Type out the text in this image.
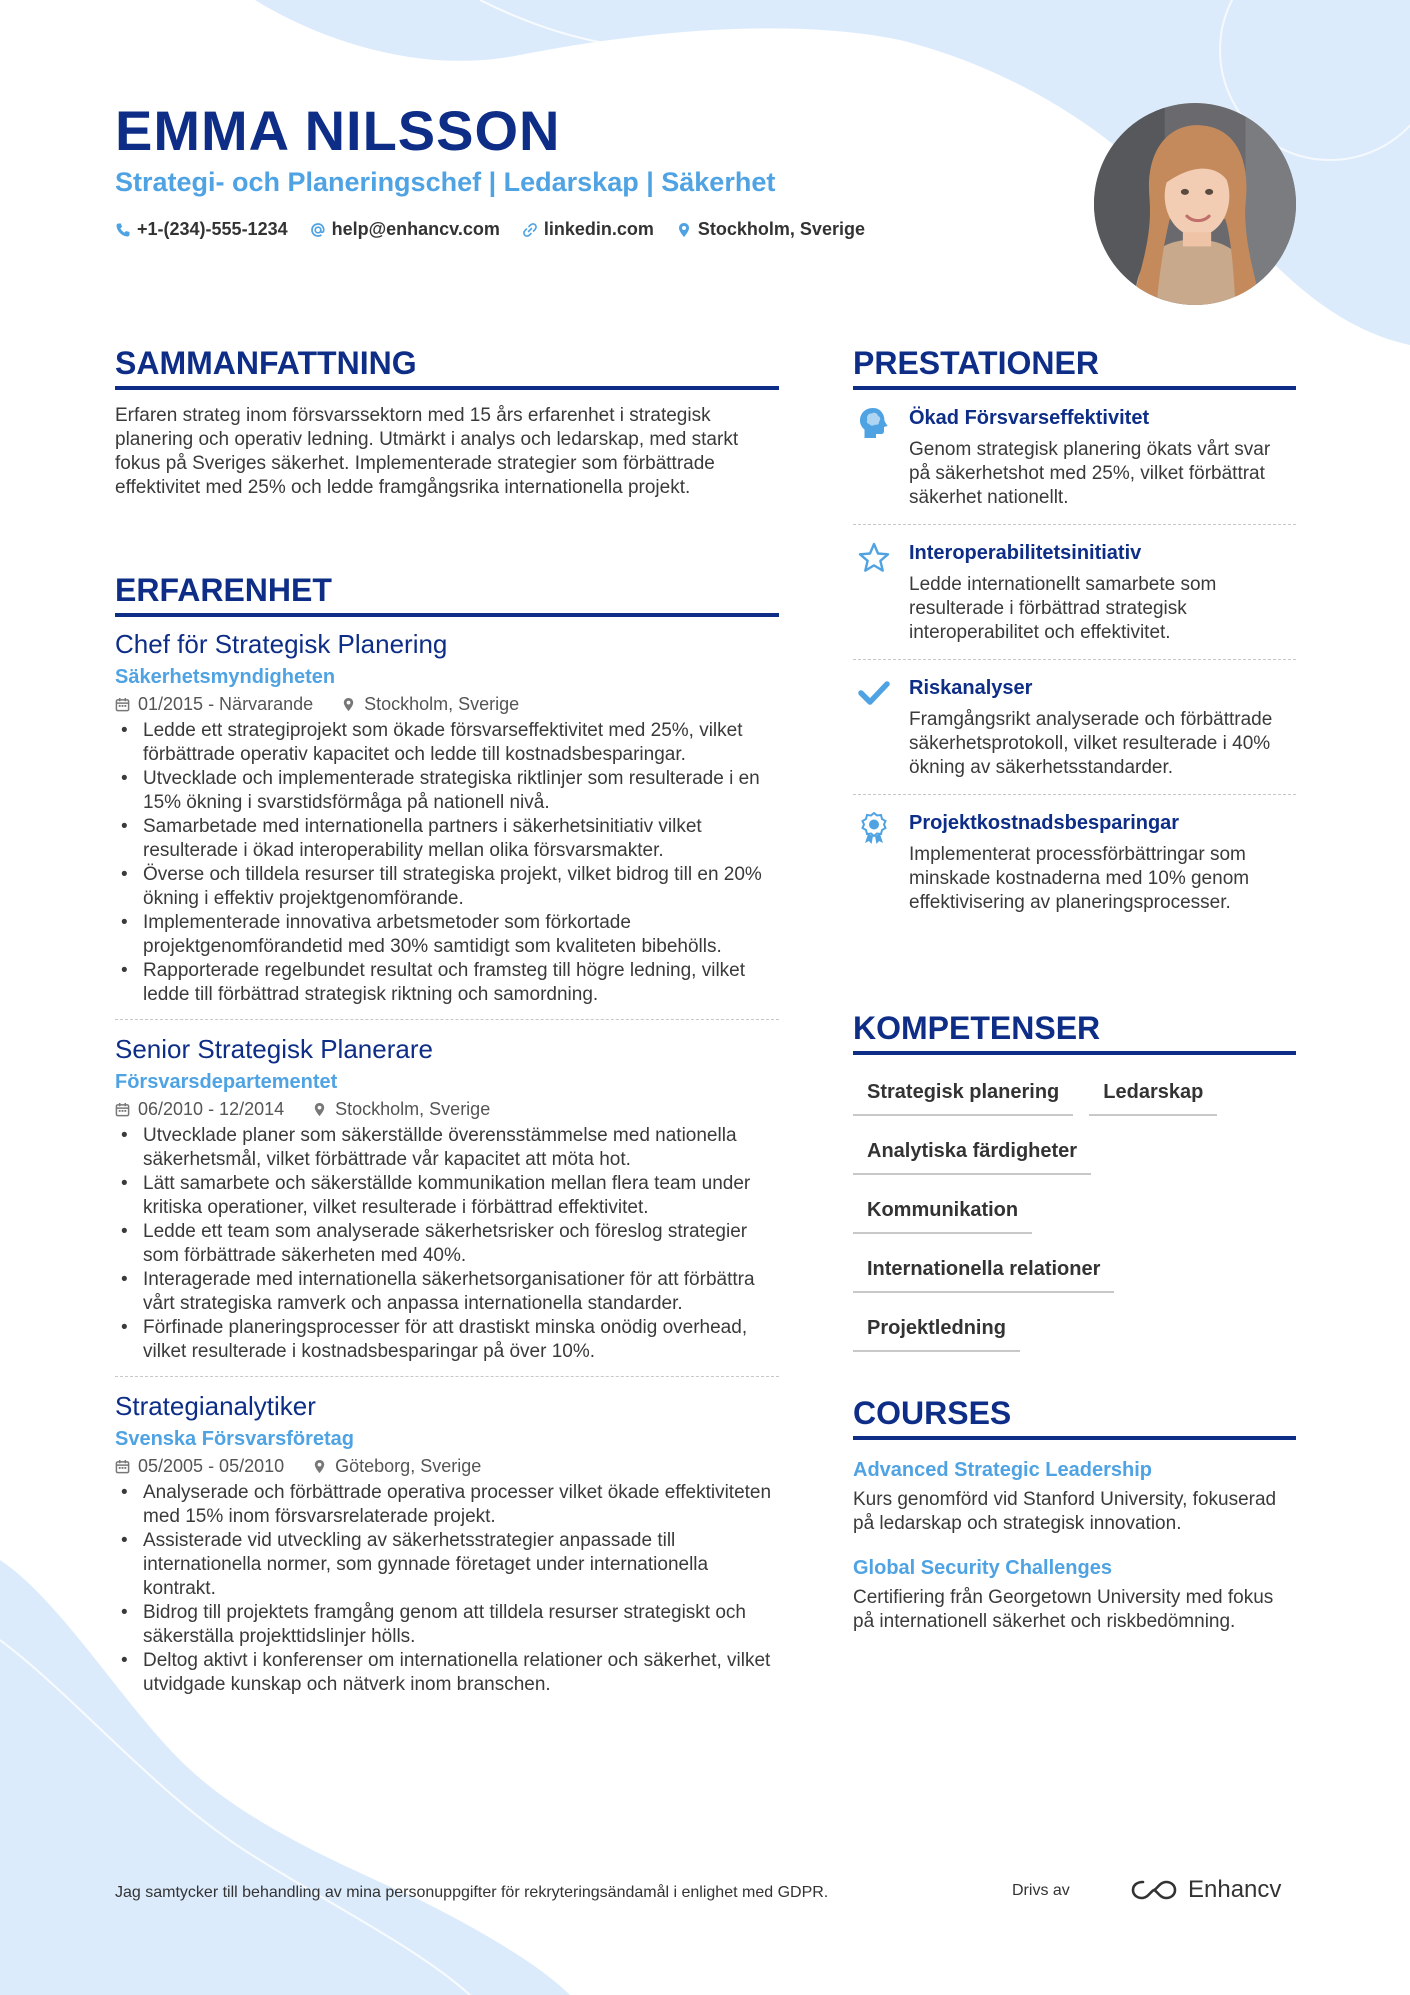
EMMA NILSSON
Strategi- och Planeringschef | Ledarskap | Säkerhet
+1-(234)-555-1234 help@enhancv.com linkedin.com Stockholm, Sverige
SAMMANFATTNING

Erfaren strateg inom försvarssektorn med 15 års erfarenhet i strategisk planering och operativ ledning. Utmärkt i analys och ledarskap, med starkt fokus på Sveriges säkerhet. Implementerade strategier som förbättrade effektivitet med 25% och ledde framgångsrika internationella projekt.

ERFARENHET
Chef för Strategisk Planering
Säkerhetsmyndigheten
01/2015 - Närvarande	Stockholm, Sverige
• Ledde ett strategiprojekt som ökade försvarseffektivitet med 25%, vilket förbättrade operativ kapacitet och ledde till kostnadsbesparingar.
• Utvecklade och implementerade strategiska riktlinjer som resulterade i en 15% ökning i svarstidsförmåga på nationell nivå.
• Samarbetade med internationella partners i säkerhetsinitiativ vilket resulterade i ökad interoperability mellan olika försvarsmakter.
• Överse och tilldela resurser till strategiska projekt, vilket bidrog till en 20% ökning i effektiv projektgenomförande.
• Implementerade innovativa arbetsmetoder som förkortade projektgenomförandetid med 30% samtidigt som kvaliteten bibehölls.
• Rapporterade regelbundet resultat och framsteg till högre ledning, vilket ledde till förbättrad strategisk riktning och samordning.
Senior Strategisk Planerare
Försvarsdepartementet
06/2010 - 12/2014	Stockholm, Sverige
• Utvecklade planer som säkerställde överensstämmelse med nationella säkerhetsmål, vilket förbättrade vår kapacitet att möta hot.
• Lätt samarbete och säkerställde kommunikation mellan flera team under kritiska operationer, vilket resulterade i förbättrad effektivitet.
• Ledde ett team som analyserade säkerhetsrisker och föreslog strategier som förbättrade säkerheten med 40%.
• Interagerade med internationella säkerhetsorganisationer för att förbättra vårt strategiska ramverk och anpassa internationella standarder.
• Förfinade planeringsprocesser för att drastiskt minska onödig overhead, vilket resulterade i kostnadsbesparingar på över 10%.
Strategianalytiker
Svenska Försvarsföretag
05/2005 - 05/2010	Göteborg, Sverige
• Analyserade och förbättrade operativa processer vilket ökade effektiviteten med 15% inom försvarsrelaterade projekt.
• Assisterade vid utveckling av säkerhetsstrategier anpassade till internationella normer, som gynnade företaget under internationella kontrakt.
• Bidrog till projektets framgång genom att tilldela resurser strategiskt och säkerställa projekttidslinjer hölls.
• Deltog aktivt i konferenser om internationella relationer och säkerhet, vilket utvidgade kunskap och nätverk inom branschen.
PRESTATIONER
Ökad Försvarseffektivitet
Genom strategisk planering ökats vårt svar på säkerhetshot med 25%, vilket förbättrat säkerhet nationellt.
Interoperabilitetsinitiativ
Ledde internationellt samarbete som resulterade i förbättrad strategisk interoperabilitet och effektivitet.
Riskanalyser
Framgångsrikt analyserade och förbättrade säkerhetsprotokoll, vilket resulterade i 40% ökning av säkerhetsstandarder.
Projektkostnadsbesparingar
Implementerat processförbättringar som minskade kostnaderna med 10% genom effektivisering av planeringsprocesser.
KOMPETENSER
Strategisk planering	Ledarskap
Analytiska färdigheter
Kommunikation
Internationella relationer
Projektledning
COURSES
Advanced Strategic Leadership
Kurs genomförd vid Stanford University, fokuserad på ledarskap och strategisk innovation.
Global Security Challenges
Certifiering från Georgetown University med fokus på internationell säkerhet och riskbedömning.
Jag samtycker till behandling av mina personuppgifter för rekryteringsändamål i enlighet med GDPR.	Drivs av	Enhancv
